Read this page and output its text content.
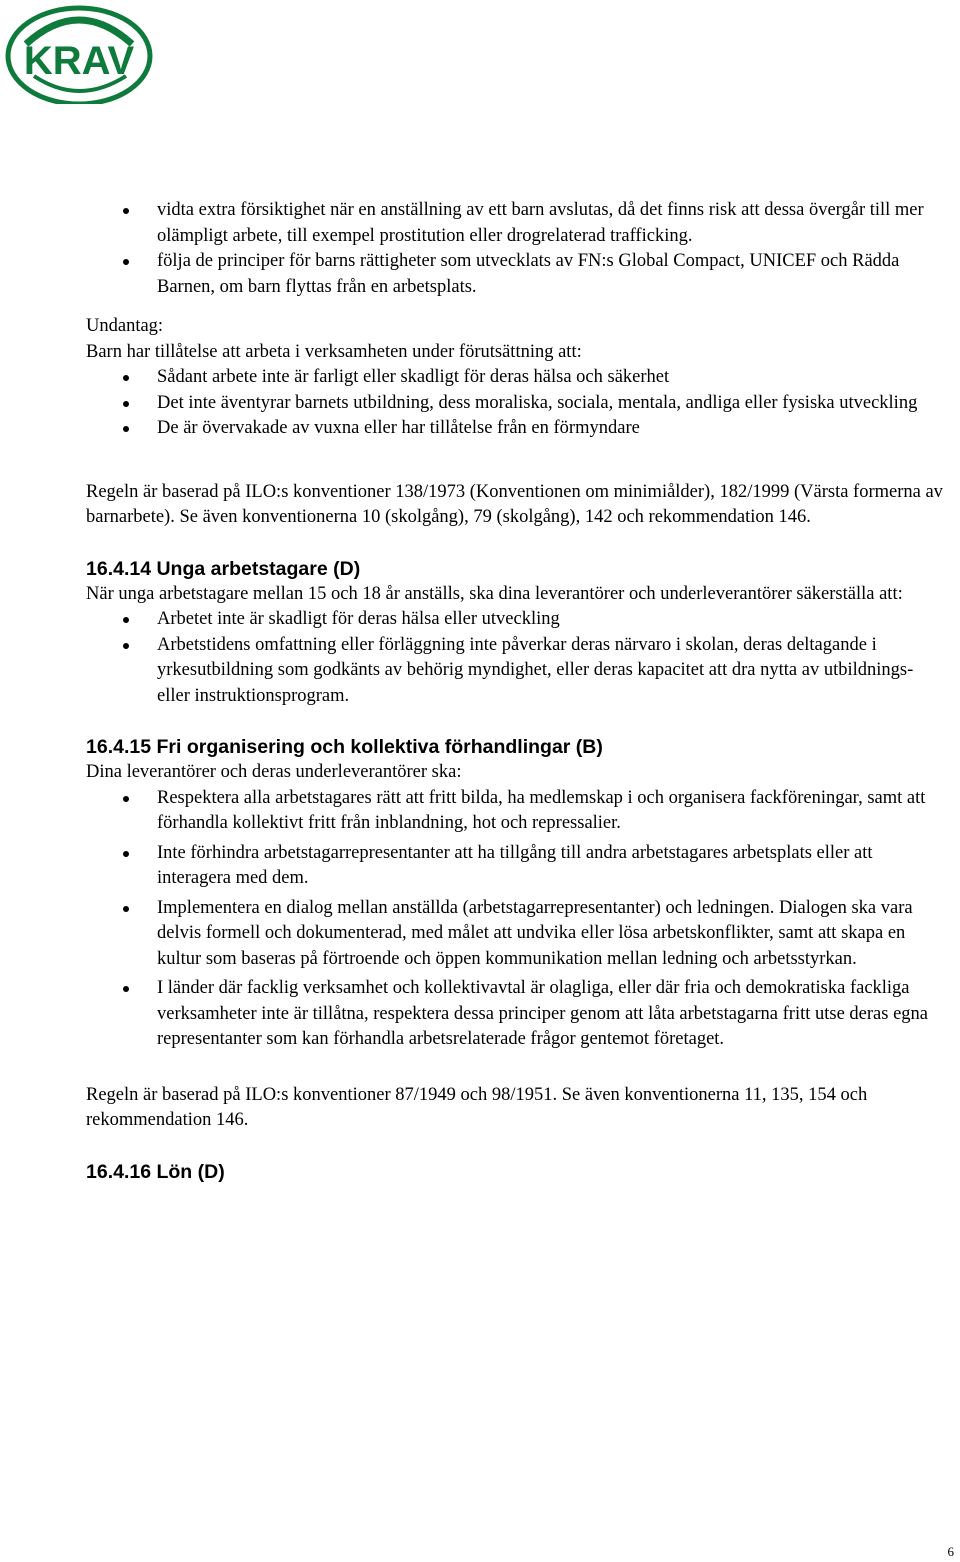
KRAV
vidta extra försiktighet när en anställning av ett barn avslutas, då det finns risk att dessa övergår till mer olämpligt arbete, till exempel prostitution eller drogrelaterad trafficking.
följa de principer för barns rättigheter som utvecklats av FN:s Global Compact, UNICEF och Rädda Barnen, om barn flyttas från en arbetsplats.

Undantag:

Barn har tillåtelse att arbeta i verksamheten under förutsättning att:

Sådant arbete inte är farligt eller skadligt för deras hälsa och säkerhet
Det inte äventyrar barnets utbildning, dess moraliska, sociala, mentala, andliga eller fysiska utveckling
De är övervakade av vuxna eller har tillåtelse från en förmyndare

Regeln är baserad på ILO:s konventioner 138/1973 (Konventionen om minimiålder), 182/1999 (Värsta formerna av barnarbete). Se även konventionerna 10 (skolgång), 79 (skolgång), 142 och rekommendation 146.

16.4.14 Unga arbetstagare (D)

När unga arbetstagare mellan 15 och 18 år anställs, ska dina leverantörer och underleverantörer säkerställa att:

Arbetet inte är skadligt för deras hälsa eller utveckling
Arbetstidens omfattning eller förläggning inte påverkar deras närvaro i skolan, deras deltagande i yrkesutbildning som godkänts av behörig myndighet, eller deras kapacitet att dra nytta av utbildnings- eller instruktionsprogram.
16.4.15 Fri organisering och kollektiva förhandlingar (B)

Dina leverantörer och deras underleverantörer ska:

Respektera alla arbetstagares rätt att fritt bilda, ha medlemskap i och organisera fackföreningar, samt att förhandla kollektivt fritt från inblandning, hot och repressalier.
Inte förhindra arbetstagarrepresentanter att ha tillgång till andra arbetstagares arbetsplats eller att interagera med dem.
Implementera en dialog mellan anställda (arbetstagarrepresentanter) och ledningen. Dialogen ska vara delvis formell och dokumenterad, med målet att undvika eller lösa arbetskonflikter, samt att skapa en kultur som baseras på förtroende och öppen kommunikation mellan ledning och arbetsstyrkan.
I länder där facklig verksamhet och kollektivavtal är olagliga, eller där fria och demokratiska fackliga verksamheter inte är tillåtna, respektera dessa principer genom att låta arbetstagarna fritt utse deras egna representanter som kan förhandla arbetsrelaterade frågor gentemot företaget.

Regeln är baserad på ILO:s konventioner 87/1949 och 98/1951. Se även konventionerna 11, 135, 154 och rekommendation 146.

16.4.16 Lön (D)
6
